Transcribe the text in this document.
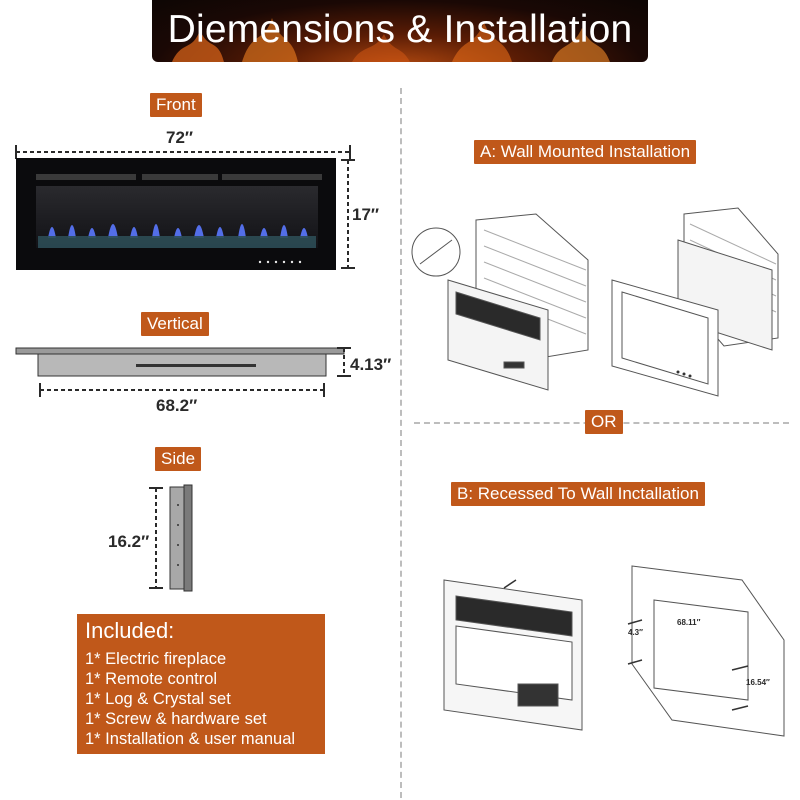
Diemensions & Installation
Front
72″
17″
Vertical
4.13″
68.2″
Side
16.2″
Included:
1* Electric fireplace
1* Remote control
1* Log & Crystal set
1* Screw & hardware set
1* Installation & user manual
OR
A: Wall Mounted Installation
B: Recessed To Wall Inctallation
68.11″
4.3″
16.54″
